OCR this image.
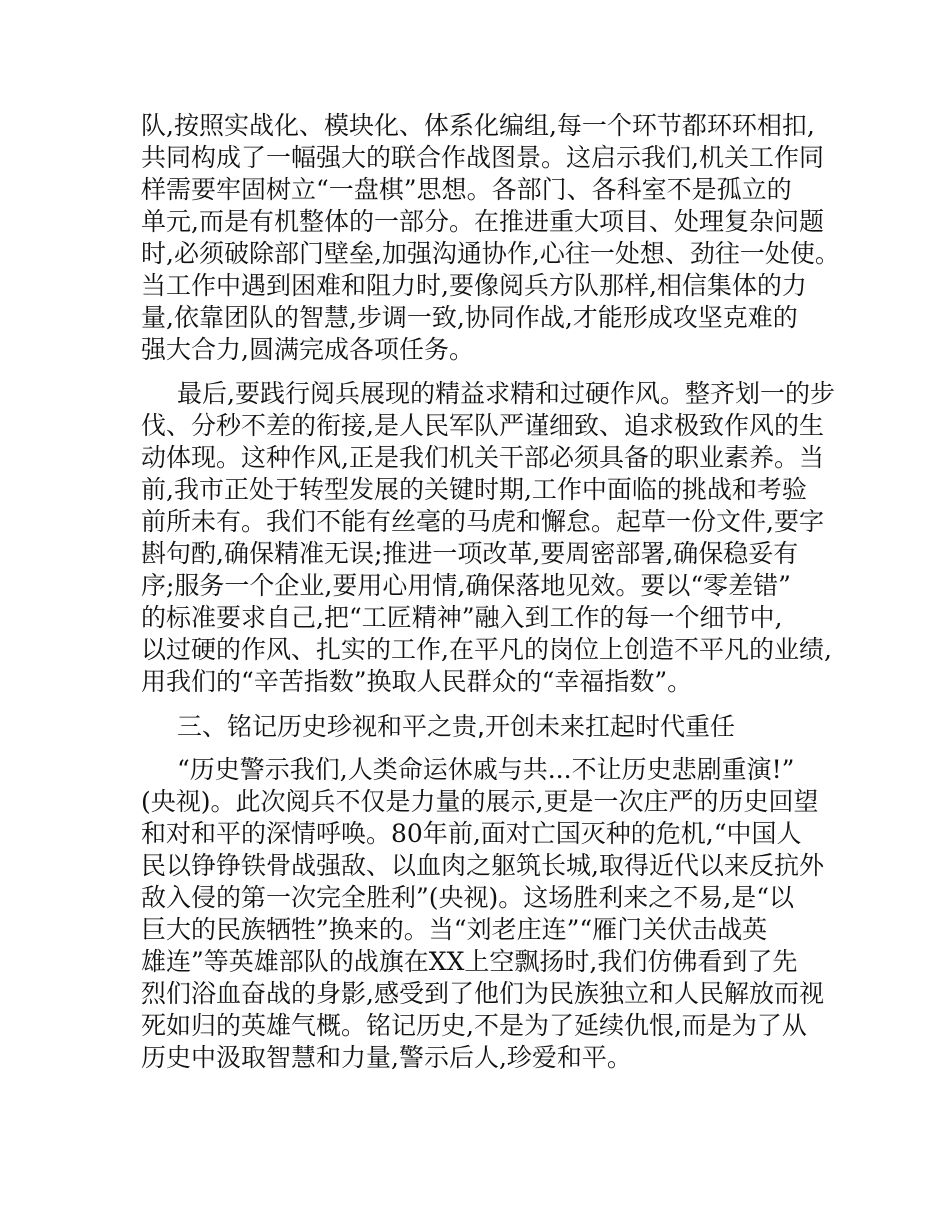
队,按照实战化、模块化、体系化编组,每一个环节都环环相扣,
共同构成了一幅强大的联合作战图景。这启示我们,机关工作同
样需要牢固树立“一盘棋”思想。各部门、各科室不是孤立的
单元,而是有机整体的一部分。在推进重大项目、处理复杂问题
时,必须破除部门壁垒,加强沟通协作,心往一处想、劲往一处使。
当工作中遇到困难和阻力时,要像阅兵方队那样,相信集体的力
量,依靠团队的智慧,步调一致,协同作战,才能形成攻坚克难的
强大合力,圆满完成各项任务。
最后,要践行阅兵展现的精益求精和过硬作风。整齐划一的步
伐、分秒不差的衔接,是人民军队严谨细致、追求极致作风的生
动体现。这种作风,正是我们机关干部必须具备的职业素养。当
前,我市正处于转型发展的关键时期,工作中面临的挑战和考验
前所未有。我们不能有丝毫的马虎和懈怠。起草一份文件,要字
斟句酌,确保精准无误;推进一项改革,要周密部署,确保稳妥有
序;服务一个企业,要用心用情,确保落地见效。要以“零差错”
的标准要求自己,把“工匠精神”融入到工作的每一个细节中,
以过硬的作风、扎实的工作,在平凡的岗位上创造不平凡的业绩,
用我们的“辛苦指数”换取人民群众的“幸福指数”。
三、铭记历史珍视和平之贵,开创未来扛起时代重任
“历史警示我们,人类命运休戚与共...不让历史悲剧重演!”
(央视)。此次阅兵不仅是力量的展示,更是一次庄严的历史回望
和对和平的深情呼唤。80年前,面对亡国灭种的危机,“中国人
民以铮铮铁骨战强敌、以血肉之躯筑长城,取得近代以来反抗外
敌入侵的第一次完全胜利”(央视)。这场胜利来之不易,是“以
巨大的民族牺牲”换来的。当“刘老庄连”“雁门关伏击战英
雄连”等英雄部队的战旗在XX上空飘扬时,我们仿佛看到了先
烈们浴血奋战的身影,感受到了他们为民族独立和人民解放而视
死如归的英雄气概。铭记历史,不是为了延续仇恨,而是为了从
历史中汲取智慧和力量,警示后人,珍爱和平。
